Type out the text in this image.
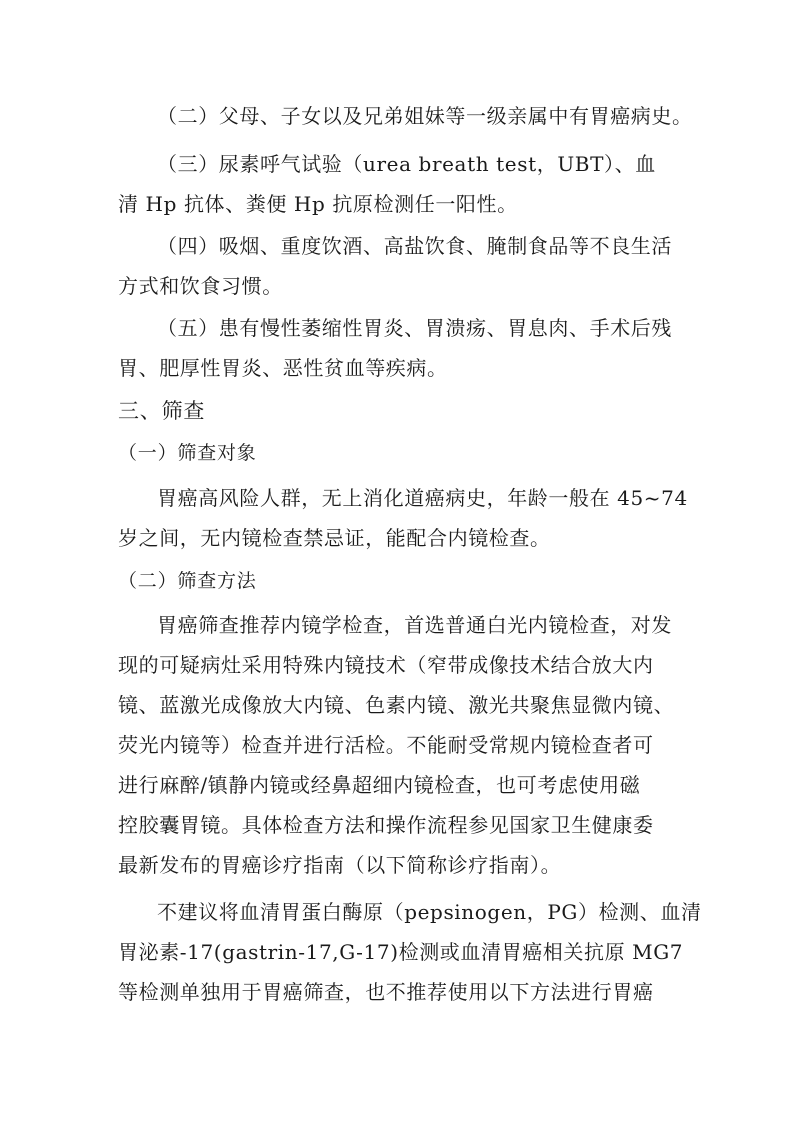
（二）父母、子女以及兄弟姐妹等一级亲属中有胃癌病史。
（三）尿素呼气试验（urea breath test，UBT）、血
清 Hp 抗体、粪便 Hp 抗原检测任一阳性。
（四）吸烟、重度饮酒、高盐饮食、腌制食品等不良生活
方式和饮食习惯。
（五）患有慢性萎缩性胃炎、胃溃疡、胃息肉、手术后残
胃、肥厚性胃炎、恶性贫血等疾病。
三、筛查
（一）筛查对象
胃癌高风险人群，无上消化道癌病史，年龄一般在 45~74
岁之间，无内镜检查禁忌证，能配合内镜检查。
（二）筛查方法
胃癌筛查推荐内镜学检查，首选普通白光内镜检查，对发
现的可疑病灶采用特殊内镜技术（窄带成像技术结合放大内
镜、蓝激光成像放大内镜、色素内镜、激光共聚焦显微内镜、
荧光内镜等）检查并进行活检。不能耐受常规内镜检查者可
进行麻醉/镇静内镜或经鼻超细内镜检查，也可考虑使用磁
控胶囊胃镜。具体检查方法和操作流程参见国家卫生健康委
最新发布的胃癌诊疗指南（以下简称诊疗指南）。
不建议将血清胃蛋白酶原（pepsinogen，PG）检测、血清
胃泌素-17(gastrin-17,G-17)检测或血清胃癌相关抗原 MG7
等检测单独用于胃癌筛查，也不推荐使用以下方法进行胃癌
